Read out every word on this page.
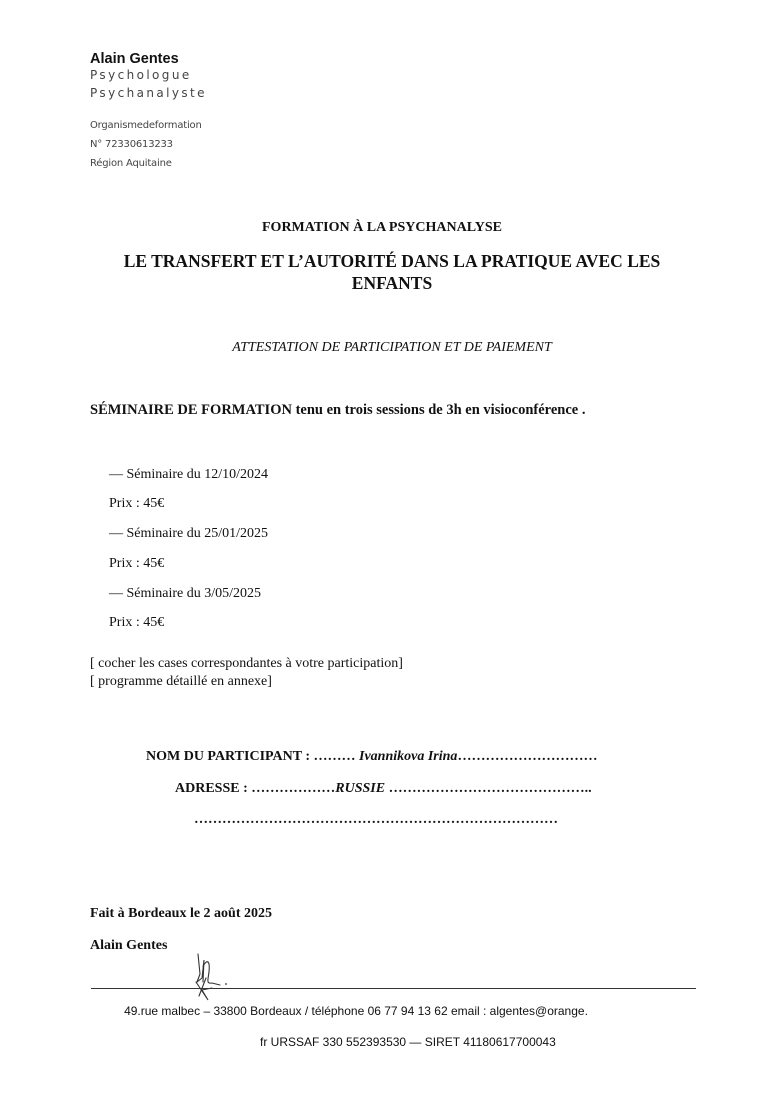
Alain Gentes
Psychologue
Psychanalyste
Organismedeformation
N° 72330613233
Région Aquitaine
FORMATION À LA PSYCHANALYSE
LE TRANSFERT ET L’AUTORITÉ DANS LA PRATIQUE AVEC LES ENFANTS
ATTESTATION DE PARTICIPATION ET DE PAIEMENT
SÉMINAIRE DE FORMATION tenu en trois sessions de 3h en visioconférence .
— Séminaire du 12/10/2024
Prix : 45€
— Séminaire du 25/01/2025
Prix : 45€
— Séminaire du 3/05/2025
Prix : 45€
[ cocher les cases correspondantes à votre participation]
[ programme détaillé en annexe]
NOM DU PARTICIPANT : ……… Ivannikova Irina…………………………
ADRESSE : ………………RUSSIE ……………………………………..
……………………………………………………………………
Fait à Bordeaux le 2 août 2025
Alain Gentes
49.rue malbec – 33800 Bordeaux / téléphone 06 77 94 13 62 email : algentes@orange.
fr URSSAF 330 552393530 — SIRET 41180617700043
